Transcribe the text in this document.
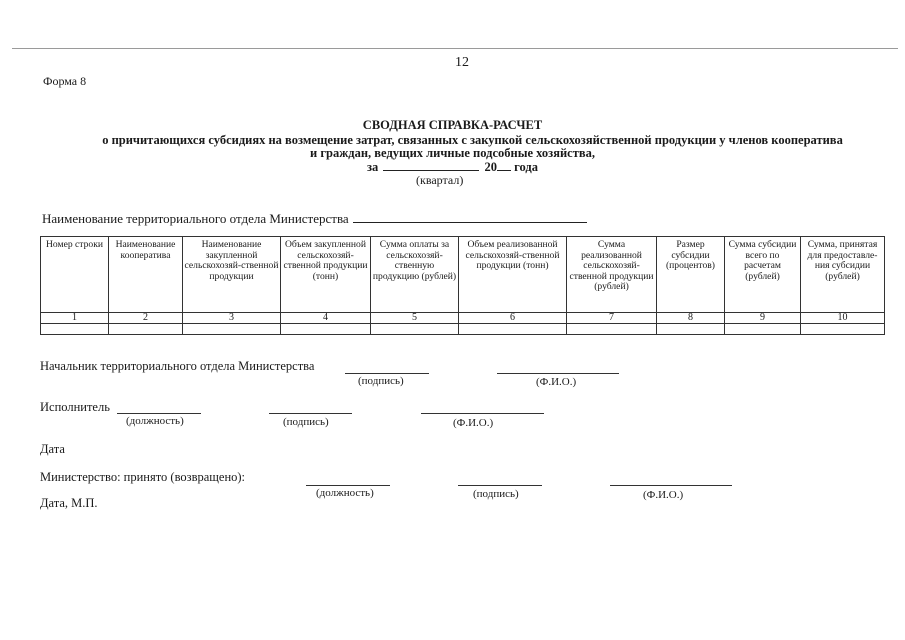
12
Форма 8
СВОДНАЯ СПРАВКА-РАСЧЕТ
о причитающихся субсидиях на возмещение затрат, связанных с закупкой сельскохозяйственной продукции у членов кооператива
и граждан, ведущих личные подсобные хозяйства,
за	20 года
(квартал)
Наименование территориального отдела Министерства
Номер строки	Наименование кооператива	Наименование закупленной сельскохозяй-ственной продукции	Объем закупленной сельскохозяй-ственной продукции (тонн)	Сумма оплаты за сельскохозяй-ственную продукцию (рублей)	Объем реализованной сельскохозяй-ственной продукции (тонн)	Сумма реализованной сельскохозяй-ственной продукции (рублей)	Размер субсидии (процентов)	Сумма субсидии всего по расчетам (рублей)	Сумма, принятая для предоставле-ния субсидии (рублей)
1	2	3	4	5	6	7	8	9	10

Начальник территориального отдела Министерства
(подпись)	(Ф.И.О.)
Исполнитель
(должность)	(подпись)	(Ф.И.О.)
Дата
Министерство: принято (возвращено):
(должность)	(подпись)	(Ф.И.О.)
Дата, М.П.
